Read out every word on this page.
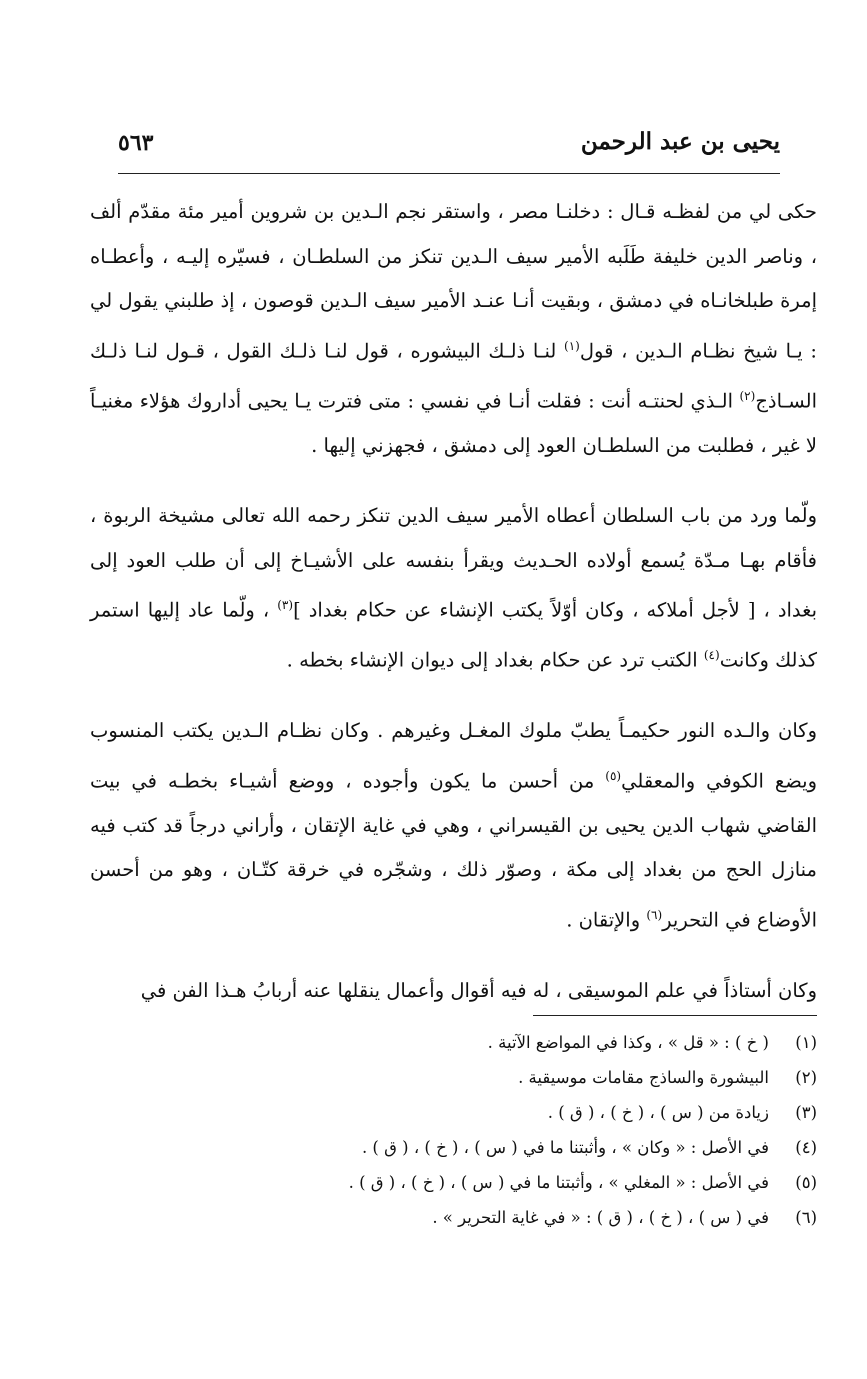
يحيى بن عبد الرحمن
٥٦٣

حكى لي من لفظـه قـال : دخلنـا مصر ، واستقر نجم الـدين بن شروين أمير مئة مقدّم ألف ، وناصر الدين خليفة طَلَبه الأمير سيف الـدين تنكز من السلطـان ، فسيّره إليـه ، وأعطـاه إمرة طبلخانـاه في دمشق ، وبقيت أنـا عنـد الأمير سيف الـدين قوصون ، إذ طلبني يقول لي : يـا شيخ نظـام الـدين ، قول$^{(١)}$ لنـا ذلـك البيشوره ، قول لنـا ذلـك القول ، قـول لنـا ذلـك السـاذج$^{(٢)}$ الـذي لحنتـه أنت : فقلت أنـا في نفسي : متى فترت يـا يحيى أداروك هؤلاء مغنيـاً لا غير ، فطلبت من السلطـان العود إلى دمشق ، فجهزني إليها .

ولّما ورد من باب السلطان أعطاه الأمير سيف الدين تنكز رحمه الله تعالى مشيخة الربوة ، فأقام بهـا مـدّة يُسمع أولاده الحـديث ويقرأ بنفسه على الأشيـاخ إلى أن طلب العود إلى بغداد ، [ لأجل أملاكه ، وكان أوّلاً يكتب الإنشاء عن حكام بغداد ]$^{(٣)}$ ، ولّما عاد إليها استمر كذلك وكانت$^{(٤)}$ الكتب ترد عن حكام بغداد إلى ديوان الإنشاء بخطه .

وكان والـده النور حكيمـاً يطبّ ملوك المغـل وغيرهم . وكان نظـام الـدين يكتب المنسوب ويضع الكوفي والمعقلي$^{(٥)}$ من أحسن ما يكون وأجوده ، ووضع أشيـاء بخطـه في بيت القاضي شهاب الدين يحيى بن القيسراني ، وهي في غاية الإتقان ، وأراني درجاً قد كتب فيه منازل الحج من بغداد إلى مكة ، وصوّر ذلك ، وشجّره في خرقة كتّـان ، وهو من أحسن الأوضاع في التحرير$^{(٦)}$ والإتقان .

وكان أستاذاً في علم الموسيقى ، له فيه أقوال وأعمال ينقلها عنه أربابُ هـذا الفن في

(١)
( خ ) : « قل » ، وكذا في المواضع الآتية .
(٢)
البيشورة والساذج مقامات موسيقية .
(٣)
زيادة من ( س ) ، ( خ ) ، ( ق ) .
(٤)
في الأصل : « وكان » ، وأثبتنا ما في ( س ) ، ( خ ) ، ( ق ) .
(٥)
في الأصل : « المغلي » ، وأثبتنا ما في ( س ) ، ( خ ) ، ( ق ) .
(٦)
في ( س ) ، ( خ ) ، ( ق ) : « في غاية التحرير » .
